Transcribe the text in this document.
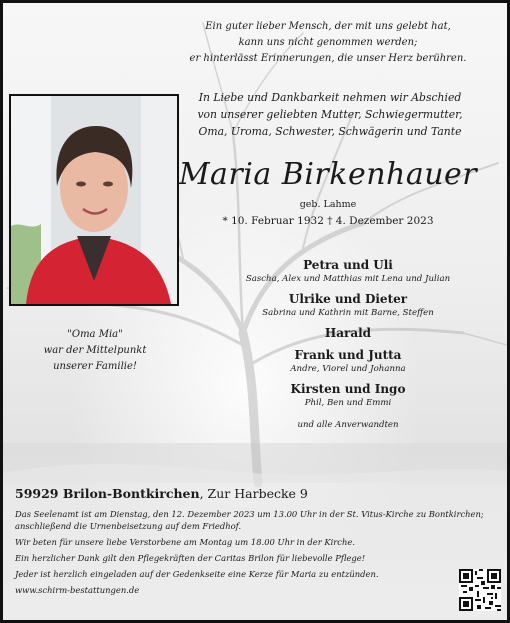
Ein guter lieber Mensch, der mit uns gelebt hat,
kann uns nicht genommen werden;
er hinterlässt Erinnerungen, die unser Herz berühren.
In Liebe und Dankbarkeit nehmen wir Abschied
von unserer geliebten Mutter, Schwiegermutter,
Oma, Uroma, Schwester, Schwägerin und Tante
Maria Birkenhauer
geb. Lahme
* 10. Februar 1932 † 4. Dezember 2023
"Oma Mia"
war der Mittelpunkt
unserer Familie!
Petra und Uli
Sascha, Alex und Matthias mit Lena und Julian
Ulrike und Dieter
Sabrina und Kathrin mit Barne, Steffen
Harald
Frank und Jutta
Andre, Viorel und Johanna
Kirsten und Ingo
Phil, Ben und Emmi
und alle Anverwandten
59929 Brilon-Bontkirchen, Zur Harbecke 9

Das Seelenamt ist am Dienstag, den 12. Dezember 2023 um 13.00 Uhr in der St. Vitus-Kirche zu Bontkirchen; anschließend die Urnenbeisetzung auf dem Friedhof.

Wir beten für unsere liebe Verstorbene am Montag um 18.00 Uhr in der Kirche.

Ein herzlicher Dank gilt den Pflegekräften der Caritas Brilon für liebevolle Pflege!

Jeder ist herzlich eingeladen auf der Gedenkseite eine Kerze für Maria zu entzünden.

www.schirm-bestattungen.de
